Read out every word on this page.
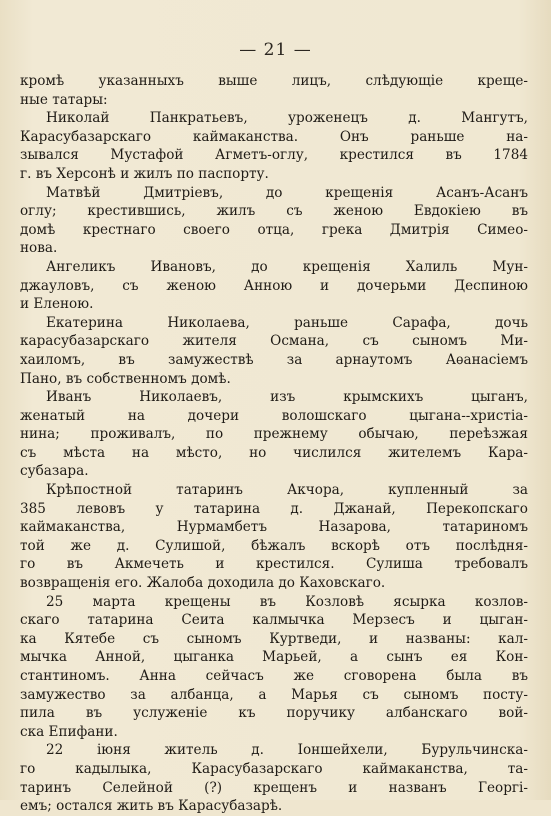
— 21 —
кромѣ указанныхъ выше лицъ, слѣдующіе креще-
ные татары:
Николай Панкратьевъ, уроженецъ д. Мангутъ,
Карасубазарскаго каймаканства. Онъ раньше на-
зывался Мустафой Агметъ-оглу, крестился въ 1784
г. въ Херсонѣ и жилъ по паспорту.
Матвѣй Дмитріевъ, до крещенія Асанъ-Асанъ
оглу; крестившись, жилъ съ женою Евдокіею въ
домѣ крестнаго своего отца, грека Дмитрія Симео-
нова.
Ангеликъ Ивановъ, до крещенія Халиль Мун-
джауловъ, съ женою Анною и дочерьми Деспиною
и Еленою.
Екатерина Николаева, раньше Сарафа, дочь
карасубазарскаго жителя Османа, съ сыномъ Ми-
хаиломъ, въ замужествѣ за арнаутомъ Аѳанасіемъ
Пано, въ собственномъ домѣ.
Иванъ Николаевъ, изъ крымскихъ цыганъ,
женатый на дочери волошскаго цыгана--христіа-
нина; проживалъ, по прежнему обычаю, переѣзжая
съ мѣста на мѣсто, но числился жителемъ Кара-
субазара.
Крѣпостной татаринъ Акчора, купленный за
385 левовъ у татарина д. Джанай, Перекопскаго
каймаканства, Нурмамбетъ Назарова, татариномъ
той же д. Сулишой, бѣжалъ вскорѣ отъ послѣдня-
го въ Акмечеть и крестился. Сулиша требовалъ
возвращенія его. Жалоба доходила до Каховскаго.
25 марта крещены въ Козловѣ ясырка козлов-
скаго татарина Сеита калмычка Мерзесъ и цыган-
ка Кятебе съ сыномъ Куртведи, и названы: кал-
мычка Анной, цыганка Марьей, а сынъ ея Кон-
стантиномъ. Анна сейчасъ же сговорена была въ
замужество за албанца, а Марья съ сыномъ посту-
пила въ услуженіе къ поручику албанскаго вой-
ска Епифани.
22 іюня житель д. Іоншейхели, Бурульчинска-
го кадылыка, Карасубазарскаго каймаканства, та-
таринъ Селейной (?) крещенъ и названъ Георгі-
емъ; остался жить въ Карасубазарѣ.
